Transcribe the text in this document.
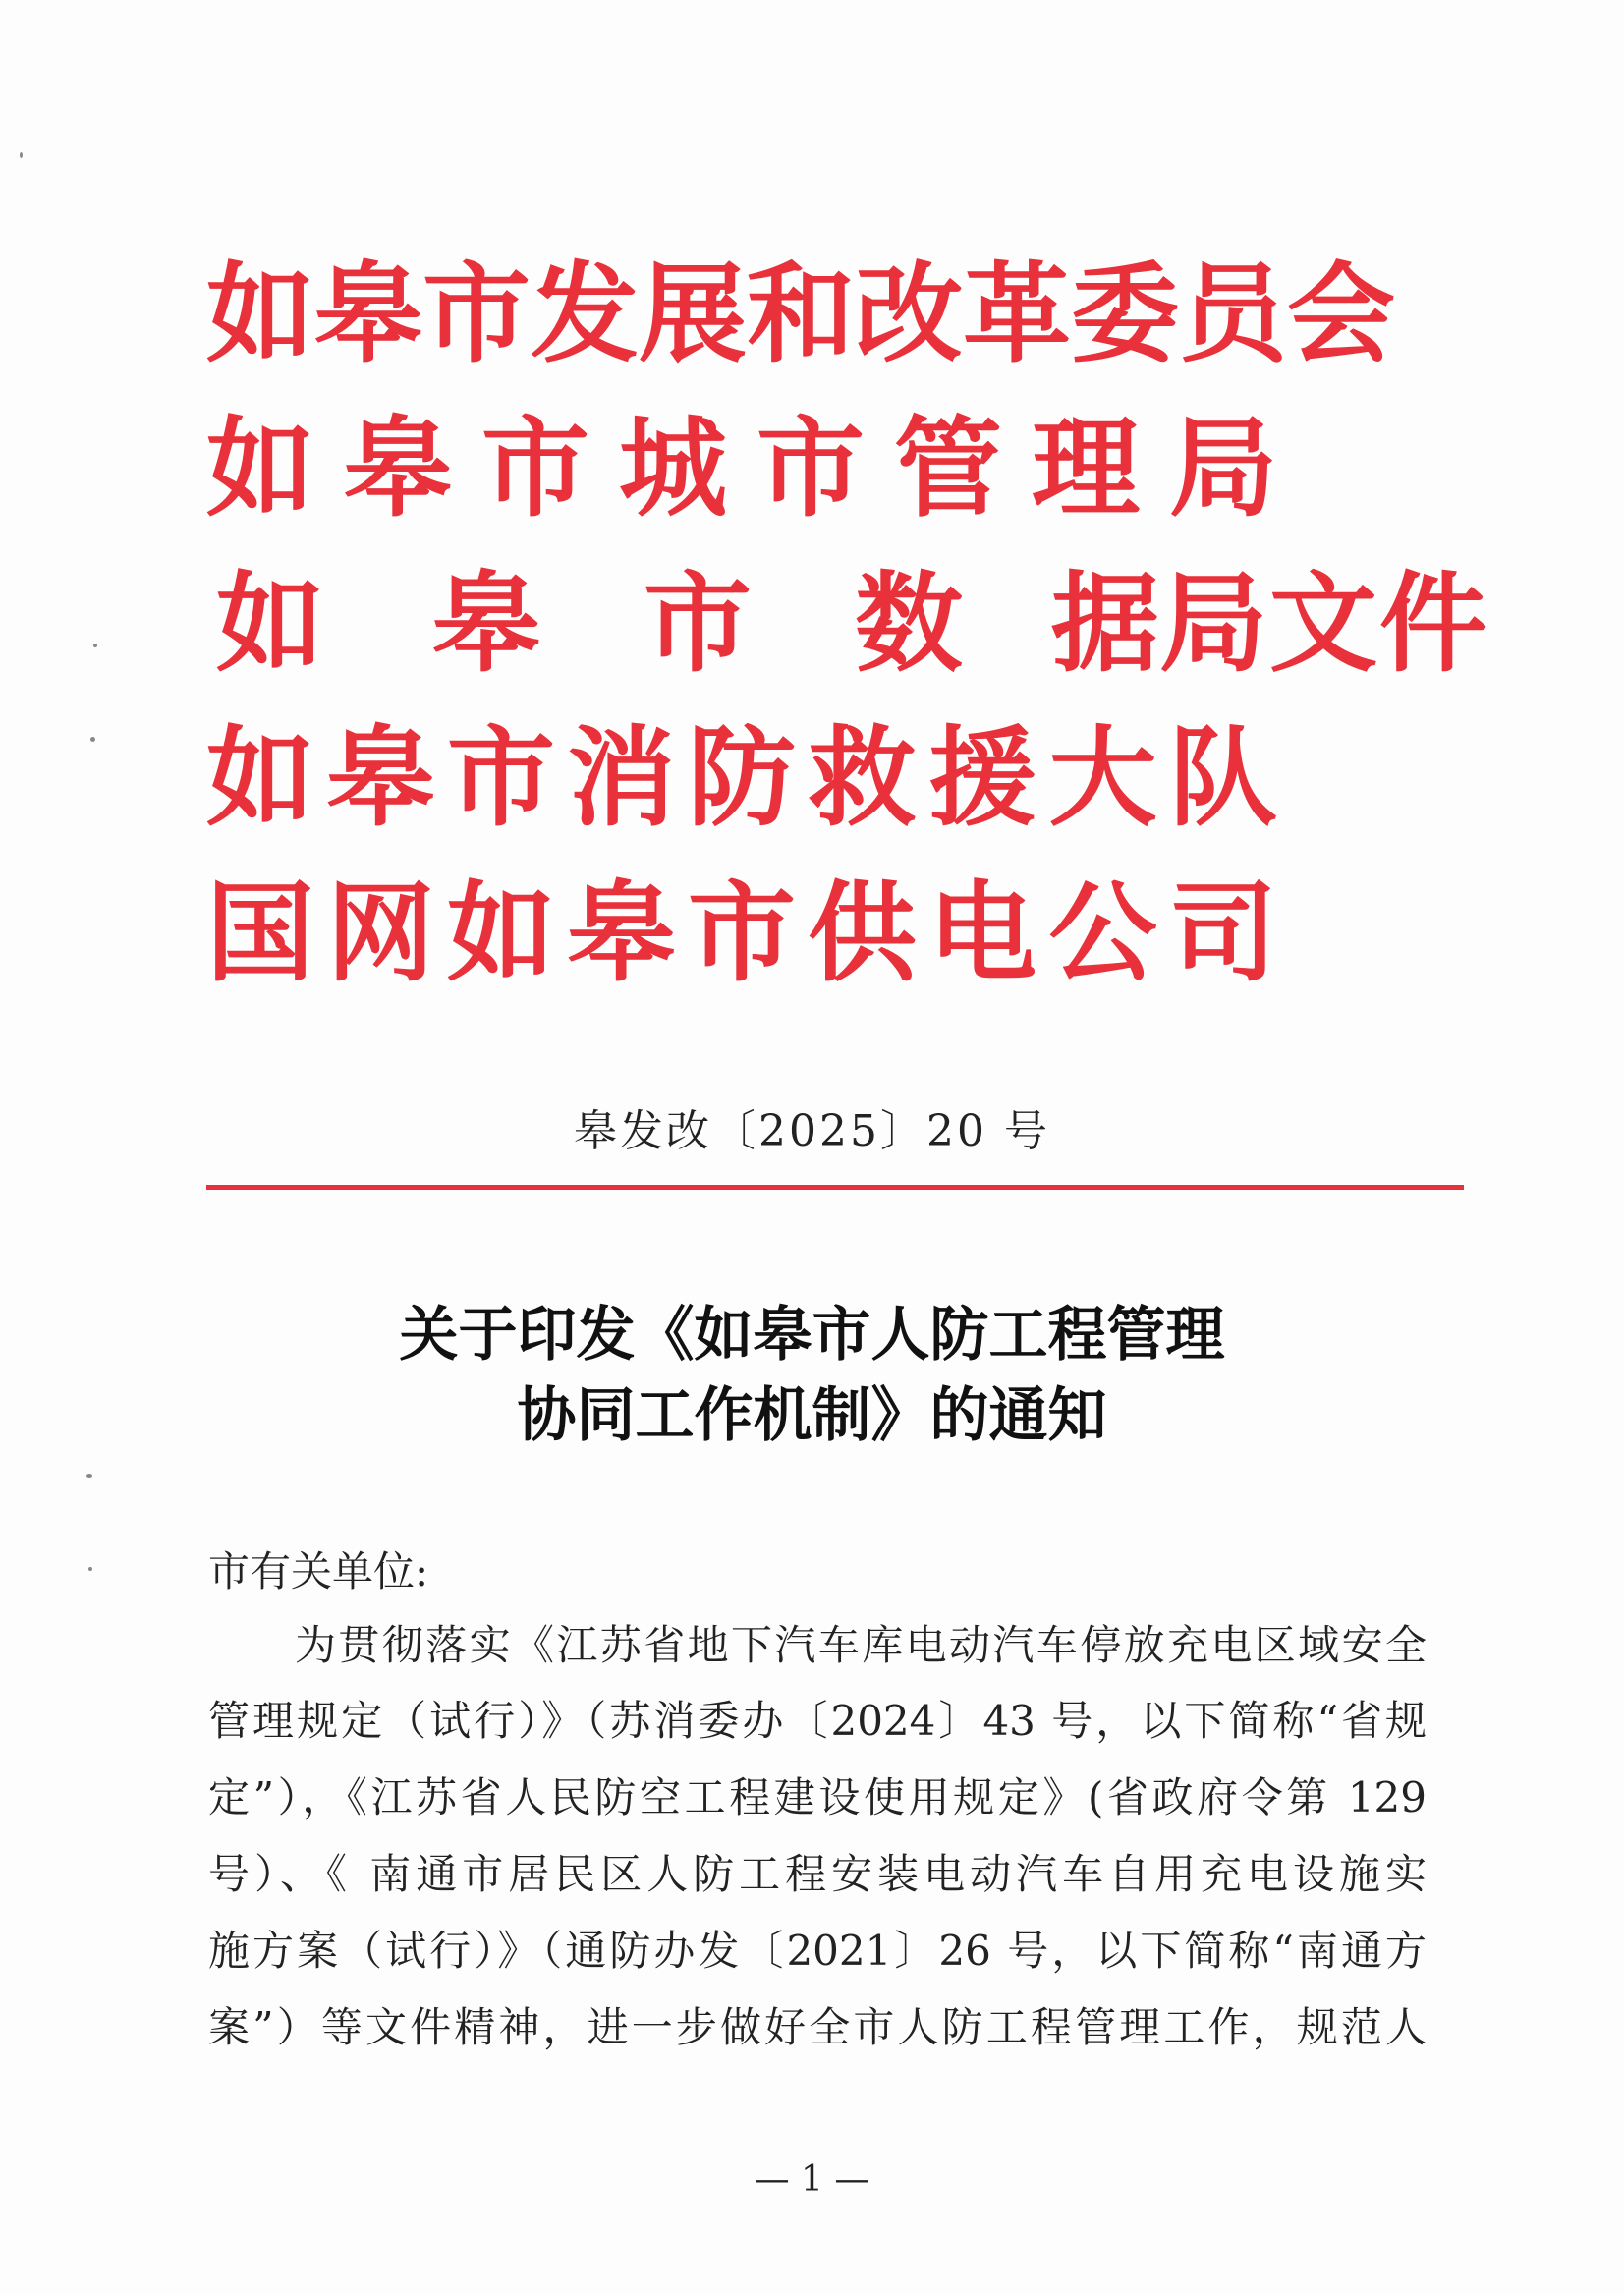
如 皋 市 发 展 和 改 革 委 员 会
如 皋 市 城 市 管 理 局
如	皋 市 数 据 局文件
如 皋 市 消 防 救 援 大 队
国 网 如 皋 市 供 电 公 司
皋发改〔2025〕20 号
关于印发《如皋市人防工程管理
协同工作机制》的通知
市有关单位:
为贯彻落实《江苏省地下汽车库电动汽车停放充电区域安全
管理规定（试行）》（苏消委办〔2024〕43 号，以下简称“省规
定”），《江苏省人民防空工程建设使用规定》(省政府令第 129
号）、《 南通市居民区人防工程安装电动汽车自用充电设施实
施方案（试行）》（通防办发〔2021〕26 号，以下简称“南通方
案”）等文件精神，进一步做好全市人防工程管理工作，规范人
— 1 —
